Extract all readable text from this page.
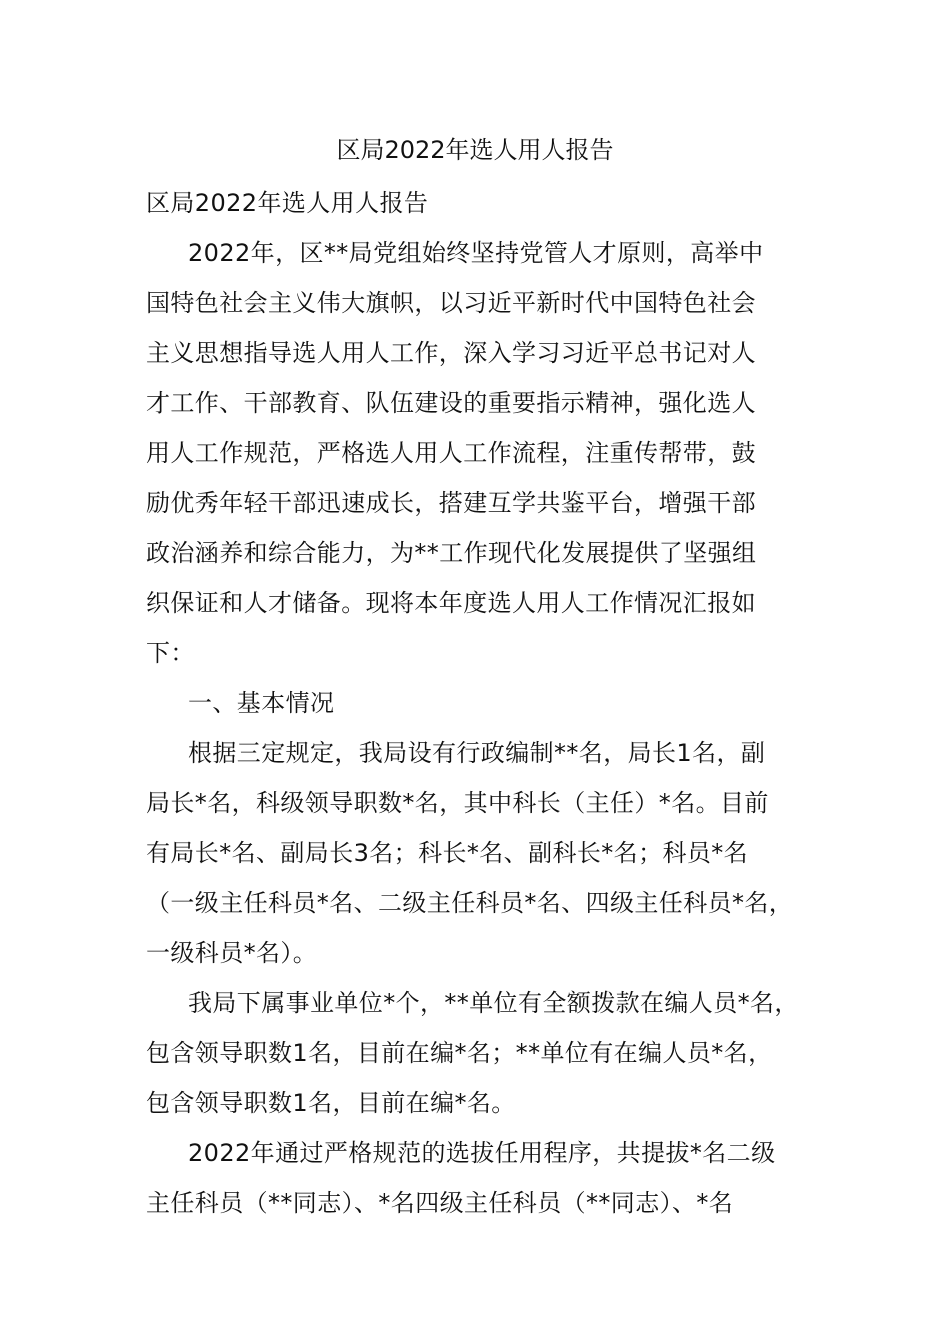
区局2022年选人用人报告
区局2022年选人用人报告
2022年，区**局党组始终坚持党管人才原则，高举中
国特色社会主义伟大旗帜，以习近平新时代中国特色社会
主义思想指导选人用人工作，深入学习习近平总书记对人
才工作、干部教育、队伍建设的重要指示精神，强化选人
用人工作规范，严格选人用人工作流程，注重传帮带，鼓
励优秀年轻干部迅速成长，搭建互学共鉴平台，增强干部
政治涵养和综合能力，为**工作现代化发展提供了坚强组
织保证和人才储备。现将本年度选人用人工作情况汇报如
下：
一、基本情况
根据三定规定，我局设有行政编制**名，局长1名，副
局长*名，科级领导职数*名，其中科长（主任）*名。目前
有局长*名、副局长3名；科长*名、副科长*名；科员*名
（一级主任科员*名、二级主任科员*名、四级主任科员*名，
一级科员*名）。
我局下属事业单位*个，**单位有全额拨款在编人员*名，
包含领导职数1名，目前在编*名；**单位有在编人员*名，
包含领导职数1名，目前在编*名。
2022年通过严格规范的选拔任用程序，共提拔*名二级
主任科员（**同志）、*名四级主任科员（**同志）、*名
